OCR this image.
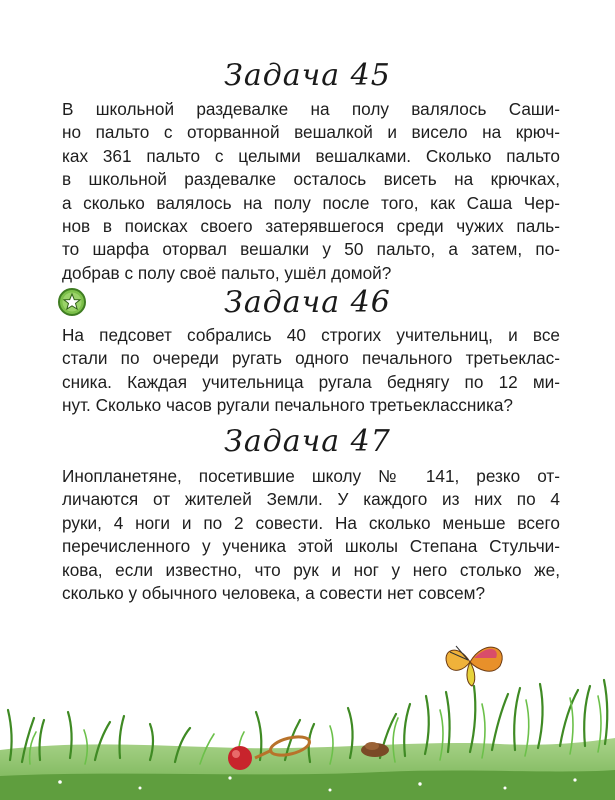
Задача 45
В школьной раздевалке на полу валялось Саши-
но пальто с оторванной вешалкой и висело на крюч-
ках 361 пальто с целыми вешалками. Сколько пальто
в школьной раздевалке осталось висеть на крючках,
а сколько валялось на полу после того, как Саша Чер-
нов в поисках своего затерявшегося среди чужих паль-
то шарфа оторвал вешалки у 50 пальто, а затем, по-
добрав с полу своё пальто, ушёл домой?
Задача 46
На педсовет собрались 40 строгих учительниц, и все
стали по очереди ругать одного печального третьеклас-
сника. Каждая учительница ругала беднягу по 12 ми-
нут. Сколько часов ругали печального третьеклассника?
Задача 47
Инопланетяне, посетившие школу № 141, резко от-
личаются от жителей Земли. У каждого из них по 4
руки, 4 ноги и по 2 совести. На сколько меньше всего
перечисленного у ученика этой школы Степана Стульчи-
кова, если известно, что рук и ног у него столько же,
сколько у обычного человека, а совести нет совсем?
